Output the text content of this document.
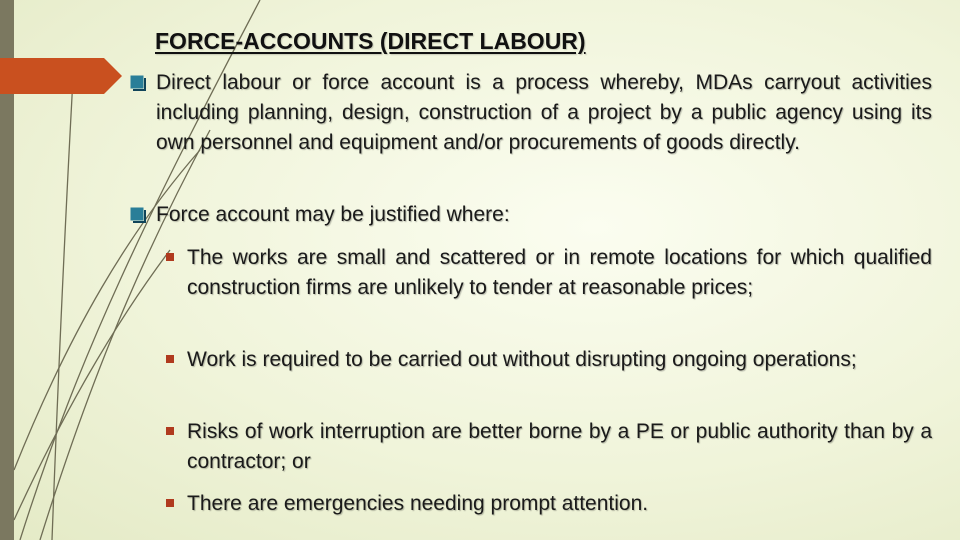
FORCE-ACCOUNTS (DIRECT LABOUR)
Direct labour or force account is a process whereby, MDAs carryout activities including planning, design, construction of a project by a public agency using its own personnel and equipment and/or procurements of goods directly.
Force account may be justified where:
The works are small and scattered or in remote locations for which qualified construction firms are unlikely to tender at reasonable prices;
Work is required to be carried out without disrupting ongoing operations;
Risks of work interruption are better borne by a PE or public authority than by a contractor; or
There are emergencies needing prompt attention.
